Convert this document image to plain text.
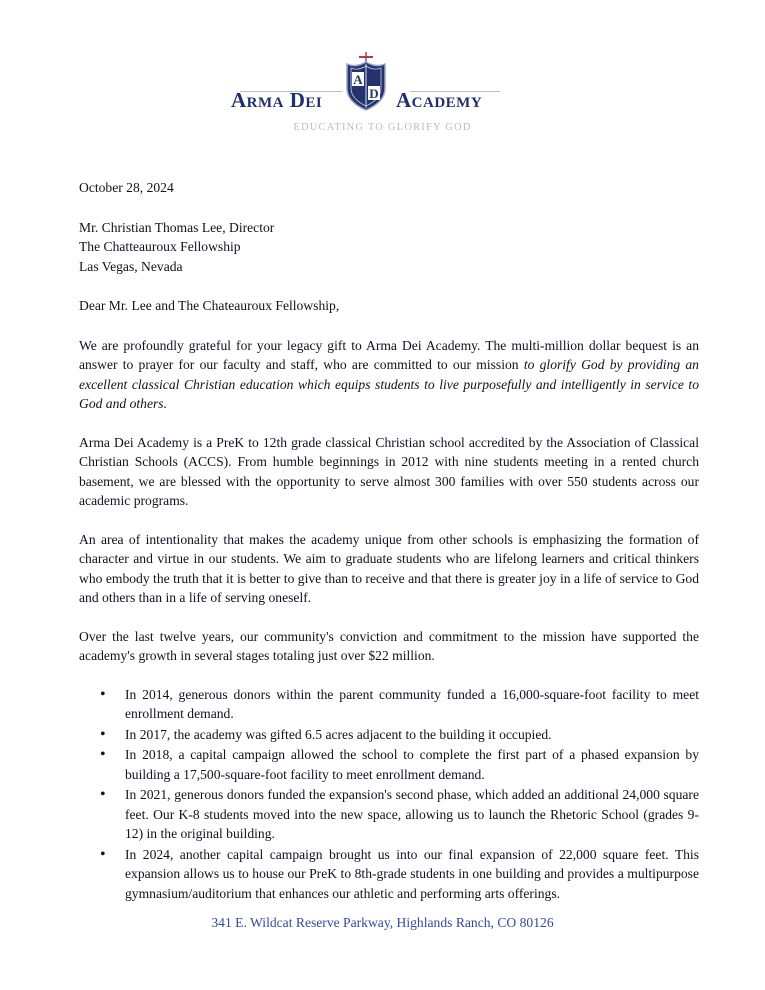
Arma Dei
A
D Academy
EDUCATING TO GLORIFY GOD

October 28, 2024

Mr. Christian Thomas Lee, Director

The Chatteauroux Fellowship

Las Vegas, Nevada

Dear Mr. Lee and The Chateauroux Fellowship,

We are profoundly grateful for your legacy gift to Arma Dei Academy. The multi-million dollar bequest is an answer to prayer for our faculty and staff, who are committed to our mission to glorify God by providing an excellent classical Christian education which equips students to live purposefully and intelligently in service to God and others.

Arma Dei Academy is a PreK to 12th grade classical Christian school accredited by the Association of Classical Christian Schools (ACCS). From humble beginnings in 2012 with nine students meeting in a rented church basement, we are blessed with the opportunity to serve almost 300 families with over 550 students across our academic programs.

An area of intentionality that makes the academy unique from other schools is emphasizing the formation of character and virtue in our students. We aim to graduate students who are lifelong learners and critical thinkers who embody the truth that it is better to give than to receive and that there is greater joy in a life of service to God and others than in a life of serving oneself.

Over the last twelve years, our community's conviction and commitment to the mission have supported the academy's growth in several stages totaling just over $22 million.

• In 2014, generous donors within the parent community funded a 16,000-square-foot facility to meet enrollment demand.
• In 2017, the academy was gifted 6.5 acres adjacent to the building it occupied.
• In 2018, a capital campaign allowed the school to complete the first part of a phased expansion by building a 17,500-square-foot facility to meet enrollment demand.
• In 2021, generous donors funded the expansion's second phase, which added an additional 24,000 square feet. Our K-8 students moved into the new space, allowing us to launch the Rhetoric School (grades 9-12) in the original building.
• In 2024, another capital campaign brought us into our final expansion of 22,000 square feet. This expansion allows us to house our PreK to 8th-grade students in one building and provides a multipurpose gymnasium/auditorium that enhances our athletic and performing arts offerings.
341 E. Wildcat Reserve Parkway, Highlands Ranch, CO 80126
